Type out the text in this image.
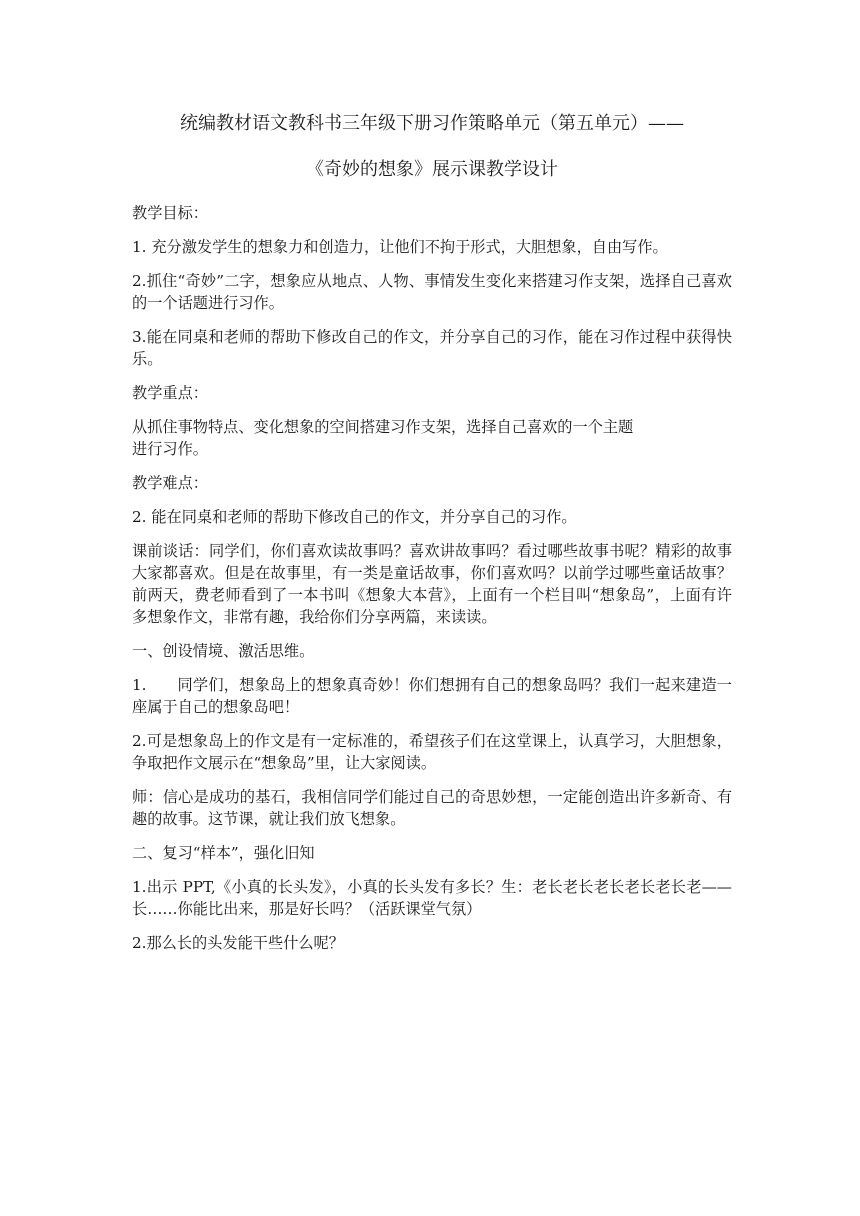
统编教材语文教科书三年级下册习作策略单元（第五单元）——

《奇妙的想象》展示课教学设计

教学目标：

1. 充分激发学生的想象力和创造力，让他们不拘于形式，大胆想象，自由写作。

2.抓住“奇妙”二字，想象应从地点、人物、事情发生变化来搭建习作支架，选择自己喜欢的一个话题进行习作。

3.能在同桌和老师的帮助下修改自己的作文，并分享自己的习作，能在习作过程中获得快乐。

教学重点：

从抓住事物特点、变化想象的空间搭建习作支架，选择自己喜欢的一个主题

进行习作。

教学难点：

2. 能在同桌和老师的帮助下修改自己的作文，并分享自己的习作。

课前谈话：同学们，你们喜欢读故事吗？喜欢讲故事吗？看过哪些故事书呢？精彩的故事大家都喜欢。但是在故事里，有一类是童话故事，你们喜欢吗？以前学过哪些童话故事？前两天，费老师看到了一本书叫《想象大本营》，上面有一个栏目叫“想象岛”，上面有许多想象作文，非常有趣，我给你们分享两篇，来读读。

一、创设情境、激活思维。

1.　　同学们，想象岛上的想象真奇妙！你们想拥有自己的想象岛吗？我们一起来建造一座属于自己的想象岛吧！

2.可是想象岛上的作文是有一定标准的，希望孩子们在这堂课上，认真学习，大胆想象，争取把作文展示在“想象岛”里，让大家阅读。

师：信心是成功的基石，我相信同学们能过自己的奇思妙想，一定能创造出许多新奇、有趣的故事。这节课，就让我们放飞想象。

二、复习“样本”，强化旧知

1.出示 PPT,《小真的长头发》，小真的长头发有多长？生：老长老长老长老长老长老——长……你能比出来，那是好长吗？（活跃课堂气氛）

2.那么长的头发能干些什么呢？
